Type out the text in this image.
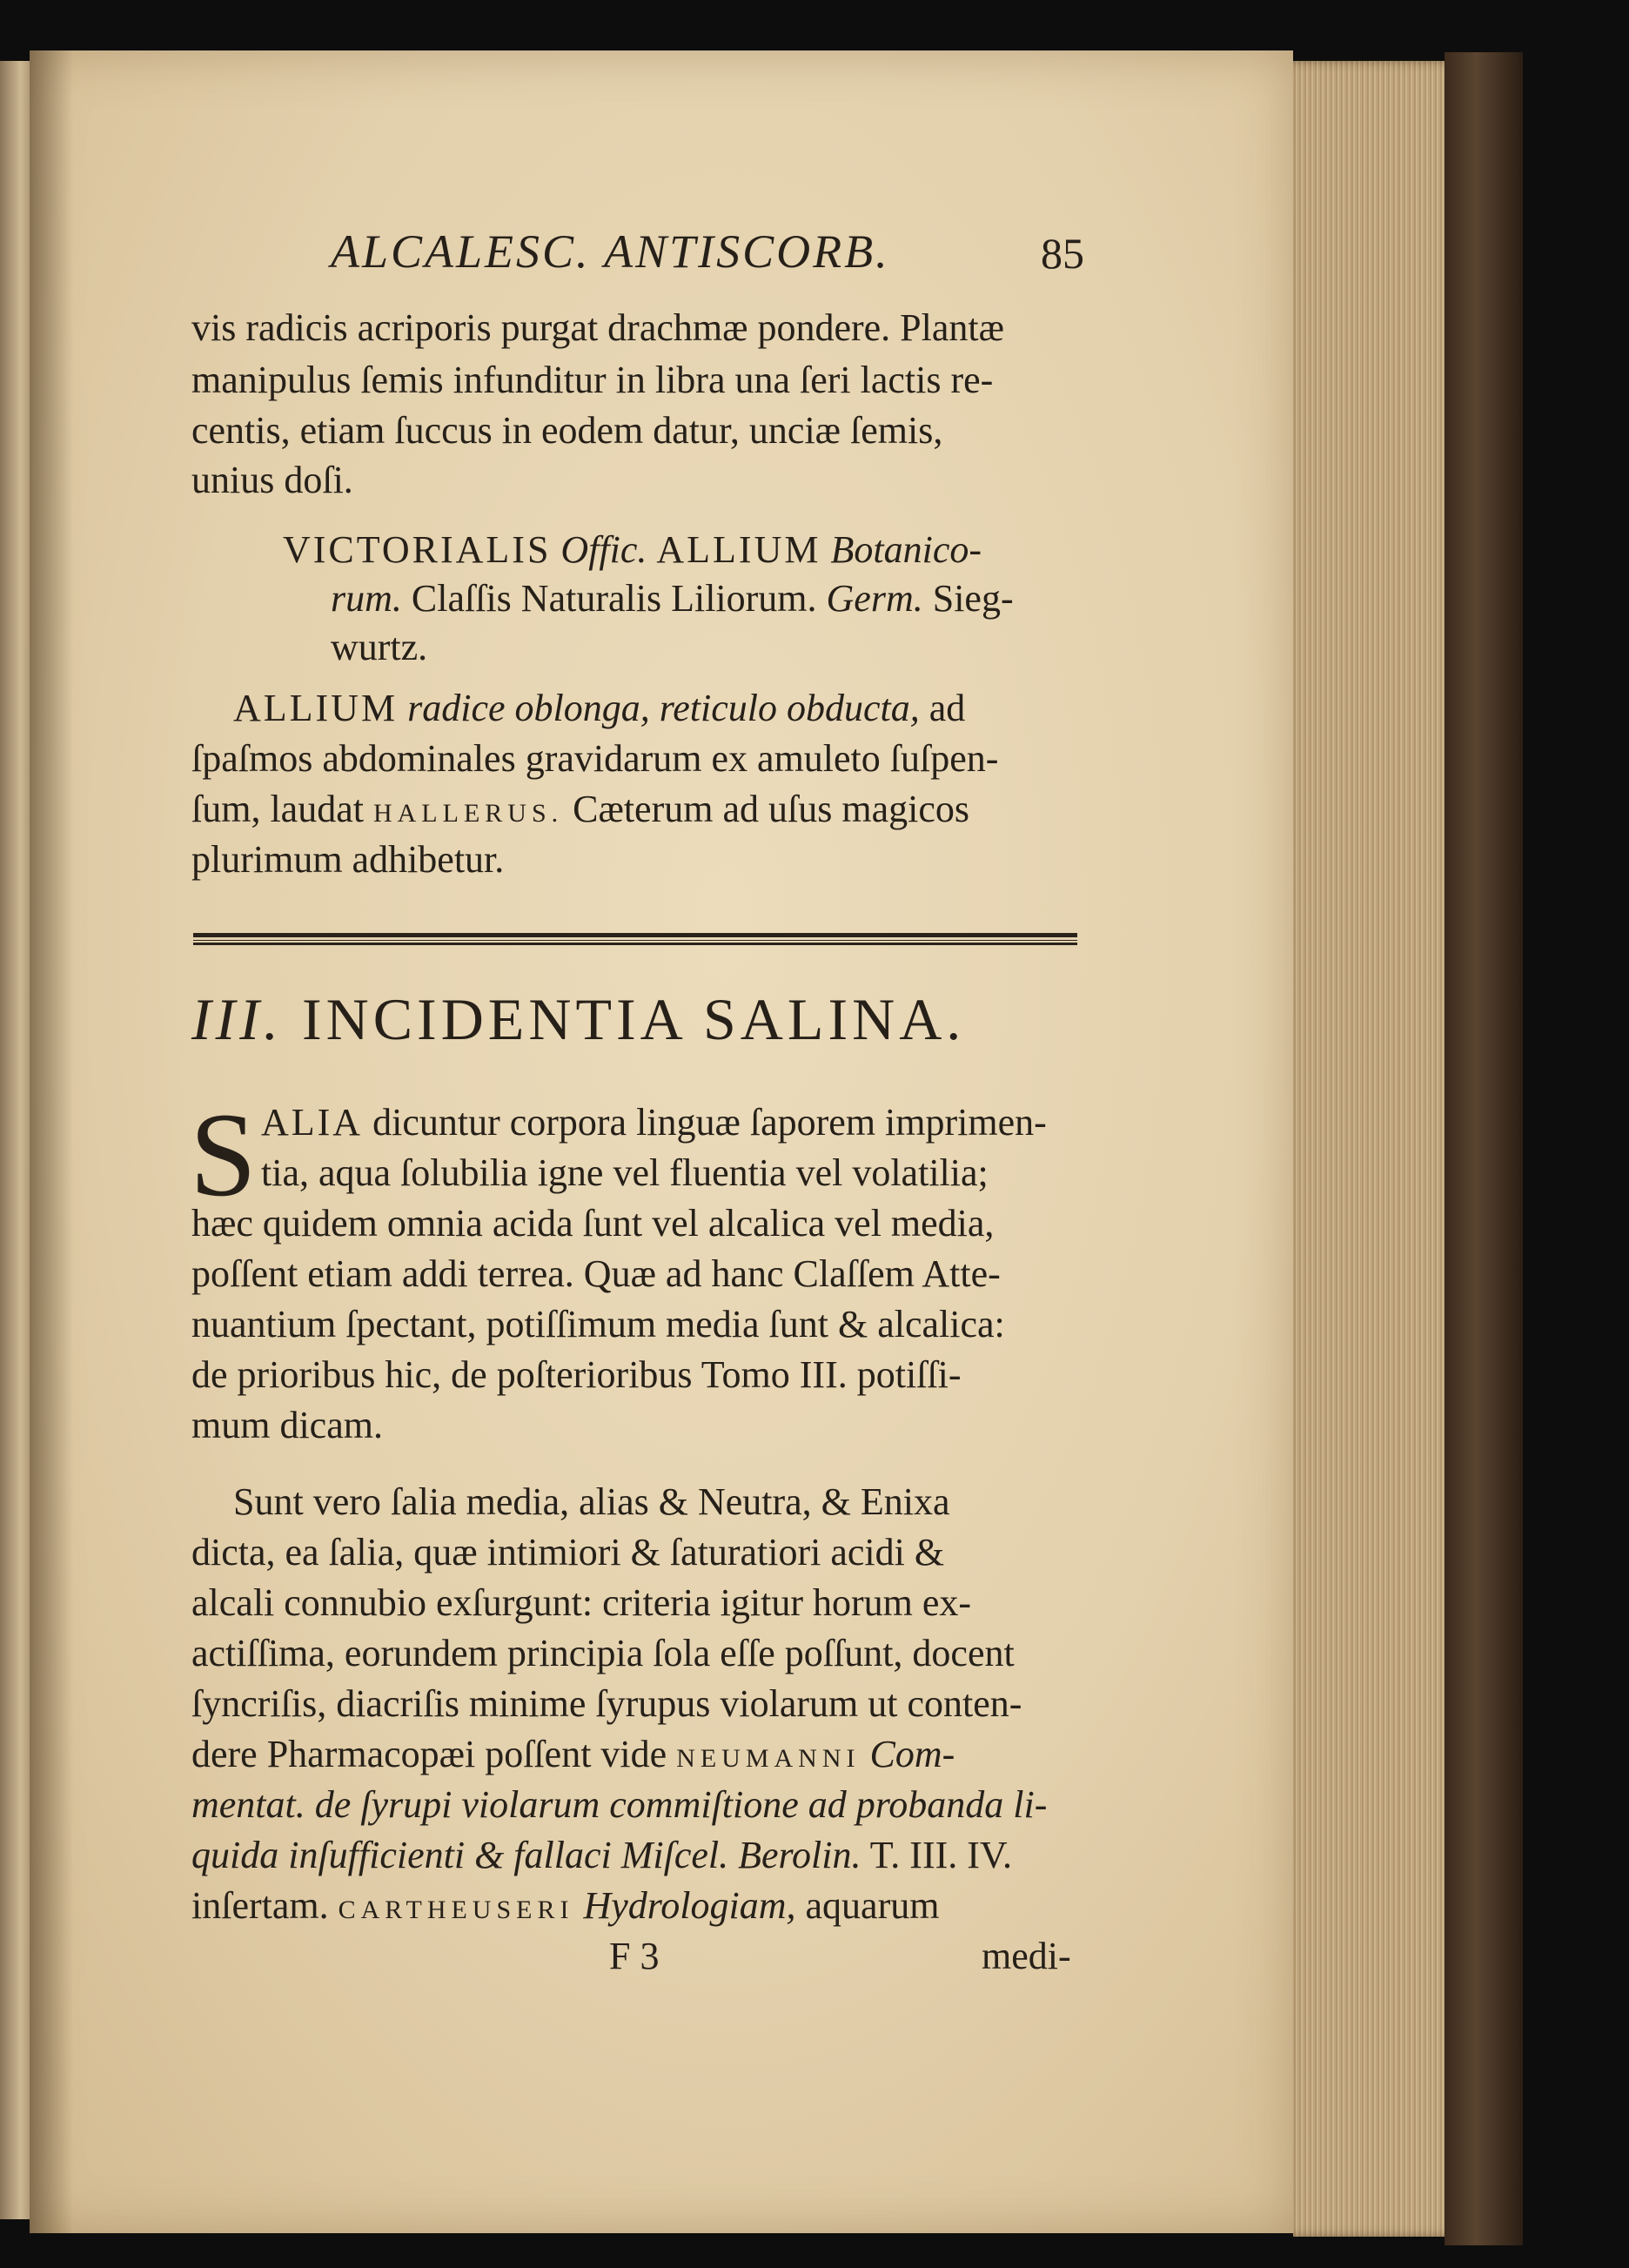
ALCALESC. ANTISCORB.	85
vis radicis acriporis purgat drachmæ pondere. Plantæ
manipulus ſemis infunditur in libra una ſeri lactis re-
centis, etiam ſuccus in eodem datur, unciæ ſemis,
unius doſi.
VICTORIALIS Offic. ALLIUM Botanico-
rum. Claſſis Naturalis Liliorum. Germ. Sieg-
wurtz.
ALLIUM radice oblonga, reticulo obducta, ad
ſpaſmos abdominales gravidarum ex amuleto ſuſpen-
ſum, laudat HALLERUS. Cæterum ad uſus magicos
plurimum adhibetur.
III. INCIDENTIA SALINA.
S ALIA dicuntur corpora linguæ ſaporem imprimen-
tia, aqua ſolubilia igne vel fluentia vel volatilia;
hæc quidem omnia acida ſunt vel alcalica vel media,
poſſent etiam addi terrea. Quæ ad hanc Claſſem Atte-
nuantium ſpectant, potiſſimum media ſunt & alcalica:
de prioribus hic, de poſterioribus Tomo III. potiſſi-
mum dicam.
Sunt vero ſalia media, alias & Neutra, & Enixa
dicta, ea ſalia, quæ intimiori & ſaturatiori acidi &
alcali connubio exſurgunt: criteria igitur horum ex-
actiſſima, eorundem principia ſola eſſe poſſunt, docent
ſyncriſis, diacriſis minime ſyrupus violarum ut conten-
dere Pharmacopæi poſſent vide NEUMANNI Com-
mentat. de ſyrupi violarum commiſtione ad probanda li-
quida inſufficienti & fallaci Miſcel. Berolin. T. III. IV.
inſertam. CARTHEUSERI Hydrologiam, aquarum
F 3	medi-
